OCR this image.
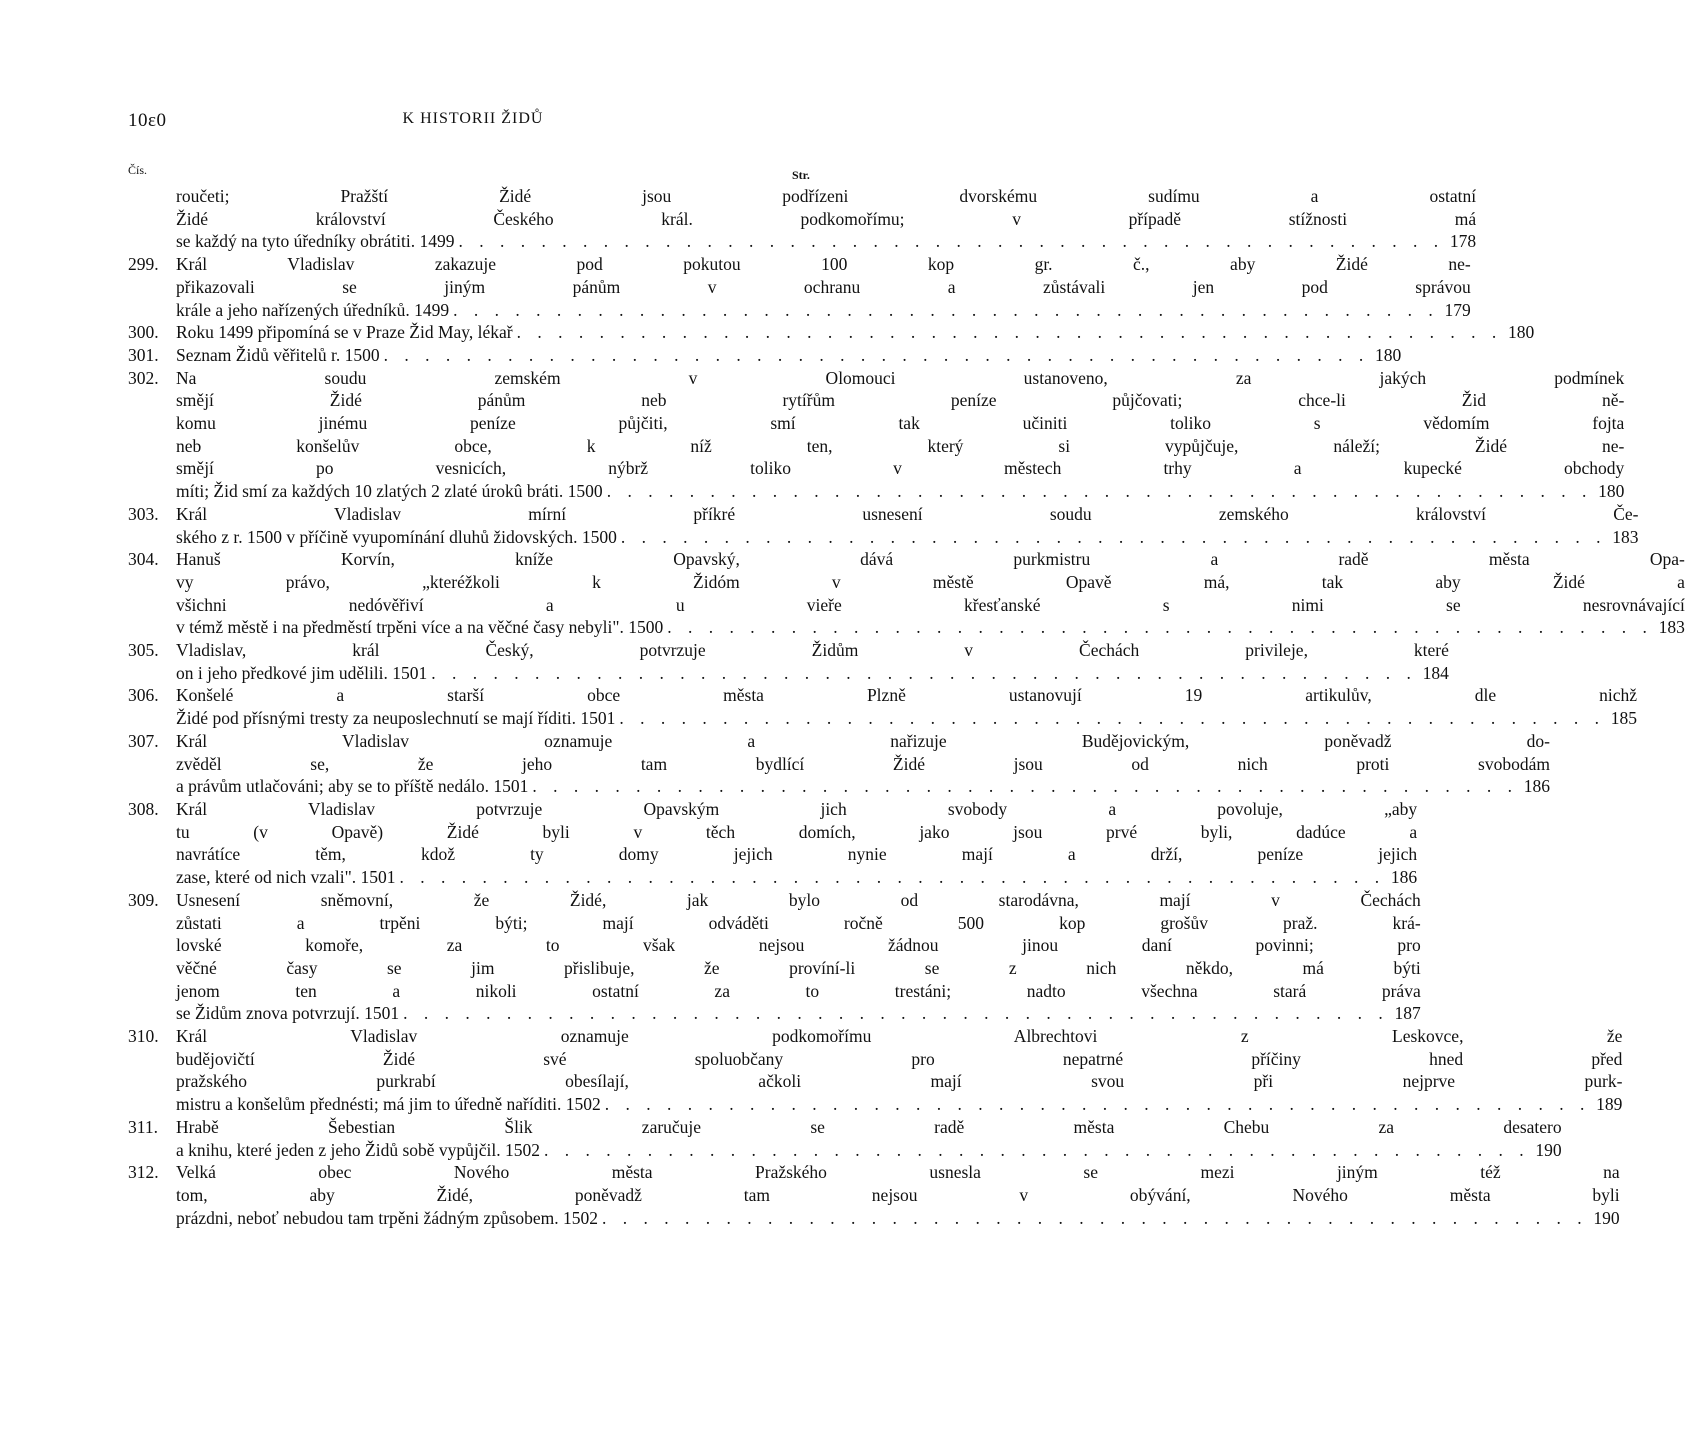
10ε0	K HISTORII ŽIDŮ
Čís.	Str.
roučeti; Pražští Židé jsou podřízeni dvorskému sudímu a ostatní
Židé království Českého král. podkomořímu; v případě stížnosti má
se každý na tyto úředníky obrátiti. 1499 . . . . . . . . . . . . . . . . . . . . . . . . . . . . . . . . . . . . . . . . . . . . . . . . 178
299. Král Vladislav zakazuje pod pokutou 100 kop gr. č., aby Židé ne-
přikazovali se jiným pánům v ochranu a zůstávali jen pod správou
krále a jeho nařízených úředníků. 1499 . . . . . . . . . . . . . . . . . . . . . . . . . . . . . . . . . . . . . . . . . . . . . . . . 179
300. Roku 1499 připomíná se v Praze Žid May, lékař . . . . . . . . . . . . . . . . . . . . . . . . . . . . . . . . . . . . . . . . . . . . . . . . 180
301. Seznam Židů věřitelů r. 1500 . . . . . . . . . . . . . . . . . . . . . . . . . . . . . . . . . . . . . . . . . . . . . . . . 180
302. Na soudu zemském v Olomouci ustanoveno, za jakých podmínek
smějí Židé pánům neb rytířům peníze půjčovati; chce-li Žid ně-
komu jinému peníze půjčiti, smí tak učiniti toliko s vědomím fojta
neb konšelův obce, k níž ten, který si vypůjčuje, náleží; Židé ne-
smějí po vesnicích, nýbrž toliko v městech trhy a kupecké obchody
míti; Žid smí za každých 10 zlatých 2 zlaté úrokû bráti. 1500 . . . . . . . . . . . . . . . . . . . . . . . . . . . . . . . . . . . . . . . . . . . . . . . . 180
303. Král Vladislav mírní příkré usnesení soudu zemského království Če-
ského z r. 1500 v příčině vyupomínání dluhů židovských. 1500 . . . . . . . . . . . . . . . . . . . . . . . . . . . . . . . . . . . . . . . . . . . . . . . . 183
304. Hanuš Korvín, kníže Opavský, dává purkmistru a radě města Opa-
vy právo, „kteréžkoli k Židóm v městě Opavě má, tak aby Židé a
všichni nedóvěřiví a u vieře křesťanské s nimi se nesrovnávající
v témž městě i na předměstí trpěni více a na věčné časy nebyli". 1500 . . . . . . . . . . . . . . . . . . . . . . . . . . . . . . . . . . . . . . . . . . . . . . . . 183
305. Vladislav, král Český, potvrzuje Židům v Čechách privileje, které
on i jeho předkové jim udělili. 1501 . . . . . . . . . . . . . . . . . . . . . . . . . . . . . . . . . . . . . . . . . . . . . . . . 184
306. Konšelé a starší obce města Plzně ustanovují 19 artikulův, dle nichž
Židé pod přísnými tresty za neuposlechnutí se mají říditi. 1501 . . . . . . . . . . . . . . . . . . . . . . . . . . . . . . . . . . . . . . . . . . . . . . . . 185
307. Král Vladislav oznamuje a nařizuje Budějovickým, poněvadž do-
zvěděl se, že jeho tam bydlící Židé jsou od nich proti svobodám
a právům utlačováni; aby se to příště nedálo. 1501 . . . . . . . . . . . . . . . . . . . . . . . . . . . . . . . . . . . . . . . . . . . . . . . . 186
308. Král Vladislav potvrzuje Opavským jich svobody a povoluje, „aby
tu (v Opavě) Židé byli v těch domích, jako jsou prvé byli, dadúce a
navrátíce těm, kdož ty domy jejich nynie mají a drží, peníze jejich
zase, které od nich vzali". 1501 . . . . . . . . . . . . . . . . . . . . . . . . . . . . . . . . . . . . . . . . . . . . . . . . 186
309. Usnesení sněmovní, že Židé, jak bylo od starodávna, mají v Čechách
zůstati a trpěni býti; mají odváděti ročně 500 kop grošův praž. krá-
lovské komoře, za to však nejsou žádnou jinou daní povinni; pro
věčné časy se jim přislibuje, že províní-li se z nich někdo, má býti
jenom ten a nikoli ostatní za to trestáni; nadto všechna stará práva
se Židům znova potvrzují. 1501 . . . . . . . . . . . . . . . . . . . . . . . . . . . . . . . . . . . . . . . . . . . . . . . . 187
310. Král Vladislav oznamuje podkomořímu Albrechtovi z Leskovce, že
budějovičtí Židé své spoluobčany pro nepatrné příčiny hned před
pražského purkrabí obesílají, ačkoli mají svou při nejprve purk-
mistru a konšelům přednésti; má jim to úředně naříditi. 1502 . . . . . . . . . . . . . . . . . . . . . . . . . . . . . . . . . . . . . . . . . . . . . . . . 189
311.	Hrabě Šebestian Šlik zaručuje se radě města Chebu za desatero
a knihu, které jeden z jeho Židů sobě vypůjčil. 1502 . . . . . . . . . . . . . . . . . . . . . . . . . . . . . . . . . . . . . . . . . . . . . . . . 190
312. Velká obec Nového města Pražského usnesla se mezi jiným též na
tom, aby Židé, poněvadž tam nejsou v obývání, Nového města byli
prázdni, neboť nebudou tam trpěni žádným způsobem. 1502 . . . . . . . . . . . . . . . . . . . . . . . . . . . . . . . . . . . . . . . . . . . . . . . . 190
